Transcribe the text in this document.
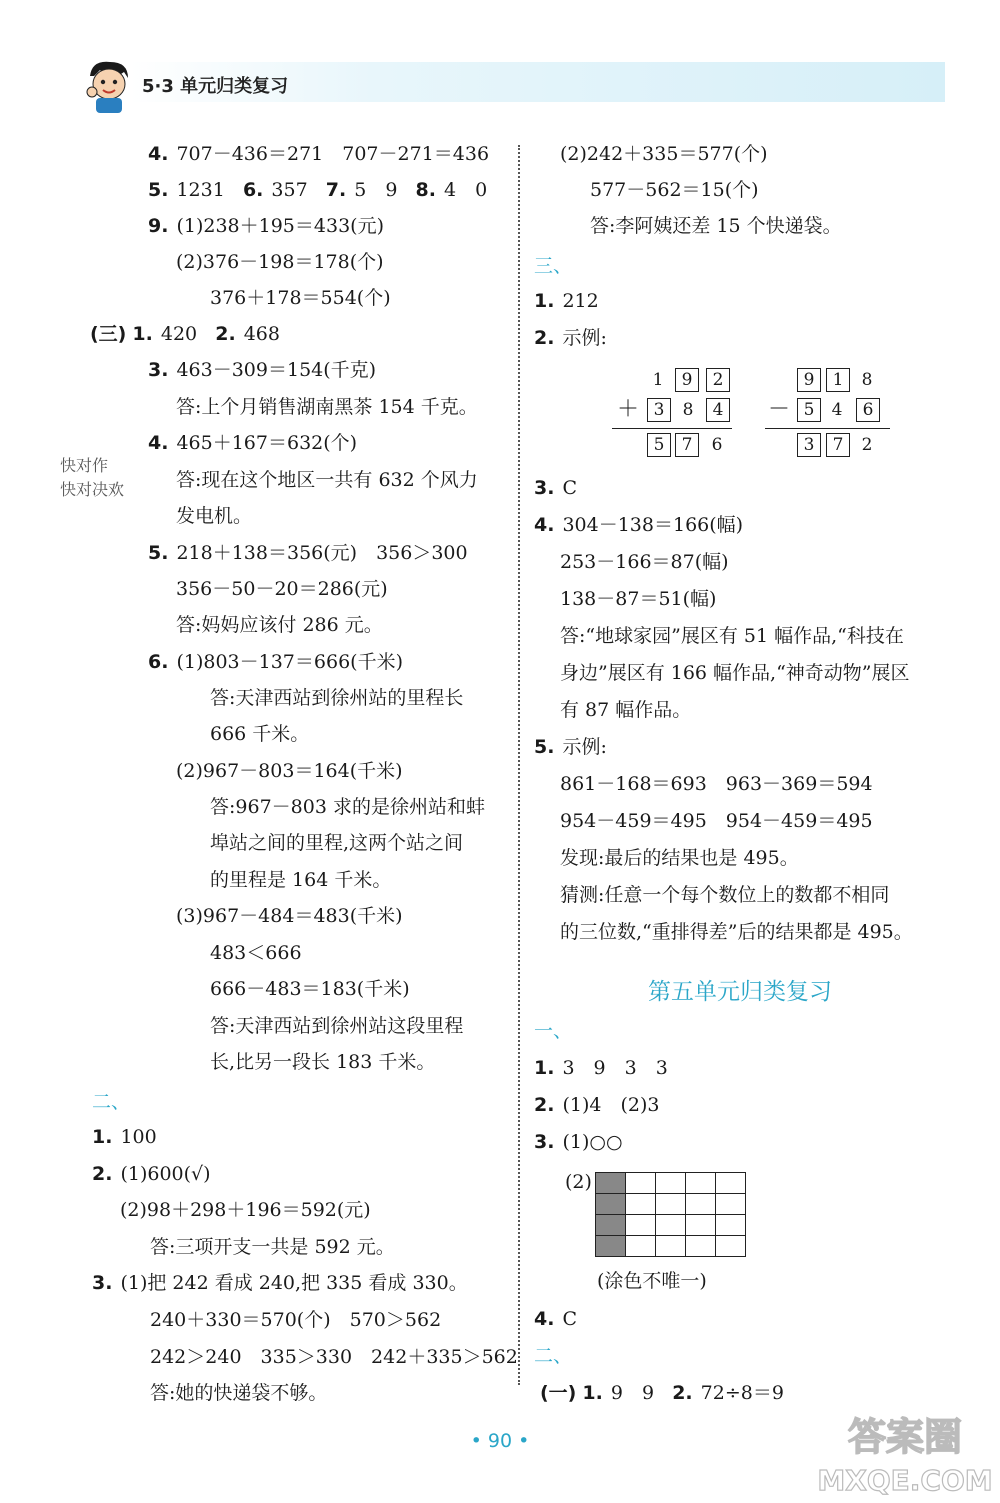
5·3 单元归类复习
快对作
快对决欢
4. 707－436＝271　707－271＝436
5. 1231 6. 357 7. 5　9 8. 4　0
9. (1)238＋195＝433(元)
(2)376－198＝178(个)
376＋178＝554(个)
(三) 1. 420 2. 468
3. 463－309＝154(千克)
答:上个月销售湖南黑茶 154 千克。
4. 465＋167＝632(个)
答:现在这个地区一共有 632 个风力
发电机。
5. 218＋138＝356(元)　356＞300
356－50－20＝286(元)
答:妈妈应该付 286 元。
6. (1)803－137＝666(千米)
答:天津西站到徐州站的里程长
666 千米。
(2)967－803＝164(千米)
答:967－803 求的是徐州站和蚌
埠站之间的里程,这两个站之间
的里程是 164 千米。
(3)967－484＝483(千米)
483＜666
666－483＝183(千米)
答:天津西站到徐州站这段里程
长,比另一段长 183 千米。
二、
1. 100
2. (1)600(√)
(2)98＋298＋196＝592(元)
答:三项开支一共是 592 元。
3. (1)把 242 看成 240,把 335 看成 330。
240＋330＝570(个)　570＞562
242＞240　335＞330　242＋335＞562
答:她的快递袋不够。
(2)242＋335＝577(个)
577－562＝15(个)
答:李阿姨还差 15 个快递袋。
三、
1. 212
2. 示例:
1	9	2
＋ 3	8	4
5	7	6
9	1	8
－ 5	4	6
3	7	2
3. C
4. 304－138＝166(幅)
253－166＝87(幅)
138－87＝51(幅)
答:“地球家园”展区有 51 幅作品,“科技在
身边”展区有 166 幅作品,“神奇动物”展区
有 87 幅作品。
5. 示例:
861－168＝693　963－369＝594
954－459＝495　954－459＝495
发现:最后的结果也是 495。
猜测:任意一个每个数位上的数都不相同
的三位数,“重排得差”后的结果都是 495。
第五单元归类复习
一、
1. 3　9　3　3
2. (1)4　(2)3
3. (1)○○
(2)

(涂色不唯一)
4. C
二、
(一) 1. 9　9 2. 72÷8＝9
• 90 •	答案圈
MXQE.COM
